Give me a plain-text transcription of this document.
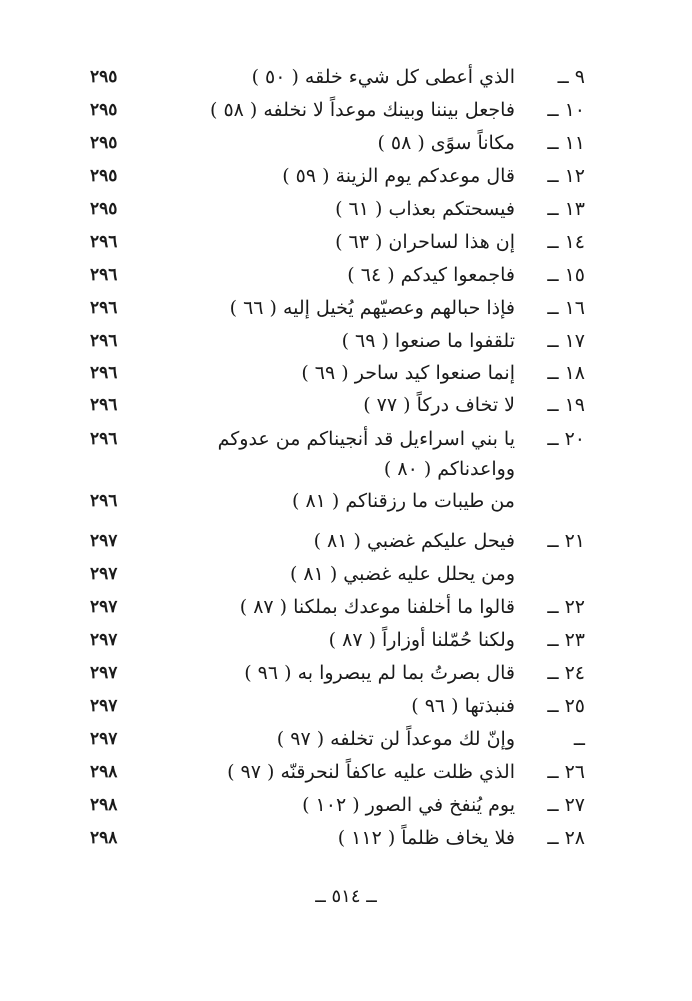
٩ ــ
الذي أعطى كل شيء خلقه ( ٥٠ )
٢٩٥
١٠ ــ
فاجعل بيننا وبينك موعداً لا نخلفه ( ٥٨ )
٢٩٥
١١ ــ
مكاناً سوًى ( ٥٨ )
٢٩٥
١٢ ــ
قال موعدكم يوم الزينة ( ٥٩ )
٢٩٥
١٣ ــ
فيسحتكم بعذاب ( ٦١ )
٢٩٥
١٤ ــ
إن هذا لساحران ( ٦٣ )
٢٩٦
١٥ ــ
فاجمعوا كيدكم ( ٦٤ )
٢٩٦
١٦ ــ
فإذا حبالهم وعصيّهم يُخيل إليه ( ٦٦ )
٢٩٦
١٧ ــ
تلقفوا ما صنعوا ( ٦٩ )
٢٩٦
١٨ ــ
إنما صنعوا كيد ساحر ( ٦٩ )
٢٩٦
١٩ ــ
لا تخاف دركاً ( ٧٧ )
٢٩٦
٢٠ ــ
يا بني اسراءيل قد أنجيناكم من عدوكم
٢٩٦
وواعدناكم ( ٨٠ )
من طيبات ما رزقناكم ( ٨١ )
٢٩٦
٢١ ــ
فيحل عليكم غضبي ( ٨١ )
٢٩٧
ومن يحلل عليه غضبي ( ٨١ )
٢٩٧
٢٢ ــ
قالوا ما أخلفنا موعدك بملكنا ( ٨٧ )
٢٩٧
٢٣ ــ
ولكنا حُمّلنا أوزاراً ( ٨٧ )
٢٩٧
٢٤ ــ
قال بصرتُ بما لم يبصروا به ( ٩٦ )
٢٩٧
٢٥ ــ
فنبذتها ( ٩٦ )
٢٩٧
ــ
وإنّ لك موعداً لن تخلفه ( ٩٧ )
٢٩٧
٢٦ ــ
الذي ظلت عليه عاكفاً لنحرقنّه ( ٩٧ )
٢٩٨
٢٧ ــ
يوم يُنفخ في الصور ( ١٠٢ )
٢٩٨
٢٨ ــ
فلا يخاف ظلماً ( ١١٢ )
٢٩٨
ــ ٥١٤ ــ
